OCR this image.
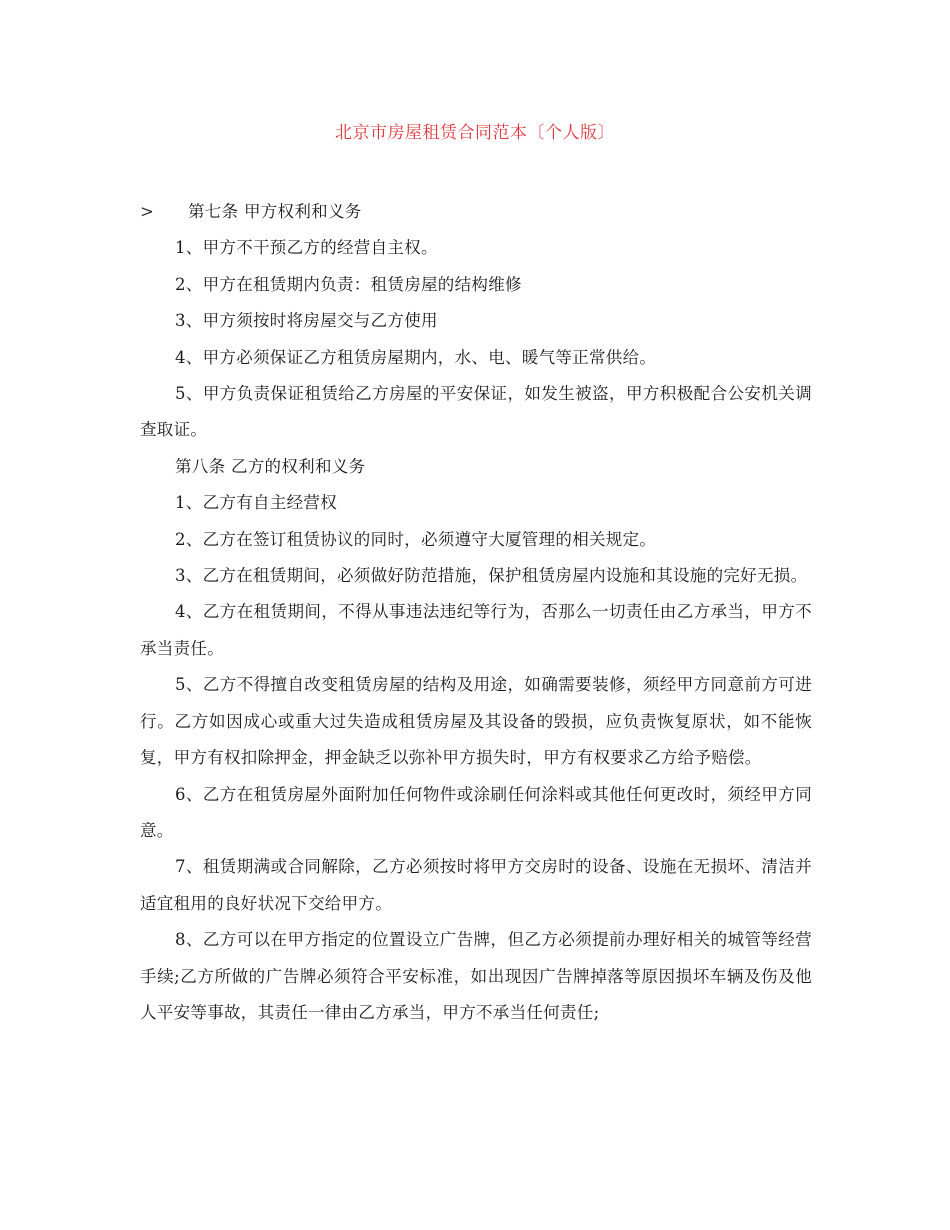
北京市房屋租赁合同范本〔个人版〕
> 第七条 甲方权利和义务

1、甲方不干预乙方的经营自主权。

2、甲方在租赁期内负责：租赁房屋的结构维修

3、甲方须按时将房屋交与乙方使用

4、甲方必须保证乙方租赁房屋期内，水、电、暖气等正常供给。

5、甲方负责保证租赁给乙方房屋的平安保证，如发生被盗，甲方积极配合公安机关调查取证。

第八条 乙方的权利和义务

1、乙方有自主经营权

2、乙方在签订租赁协议的同时，必须遵守大厦管理的相关规定。

3、乙方在租赁期间，必须做好防范措施，保护租赁房屋内设施和其设施的完好无损。

4、乙方在租赁期间，不得从事违法违纪等行为，否那么一切责任由乙方承当，甲方不承当责任。

5、乙方不得擅自改变租赁房屋的结构及用途，如确需要装修，须经甲方同意前方可进行。乙方如因成心或重大过失造成租赁房屋及其设备的毁损，应负责恢复原状，如不能恢复，甲方有权扣除押金，押金缺乏以弥补甲方损失时，甲方有权要求乙方给予赔偿。

6、乙方在租赁房屋外面附加任何物件或涂刷任何涂料或其他任何更改时，须经甲方同意。

7、租赁期满或合同解除，乙方必须按时将甲方交房时的设备、设施在无损坏、清洁并适宜租用的良好状况下交给甲方。

8、乙方可以在甲方指定的位置设立广告牌，但乙方必须提前办理好相关的城管等经营手续;乙方所做的广告牌必须符合平安标准，如出现因广告牌掉落等原因损坏车辆及伤及他人平安等事故，其责任一律由乙方承当，甲方不承当任何责任;
